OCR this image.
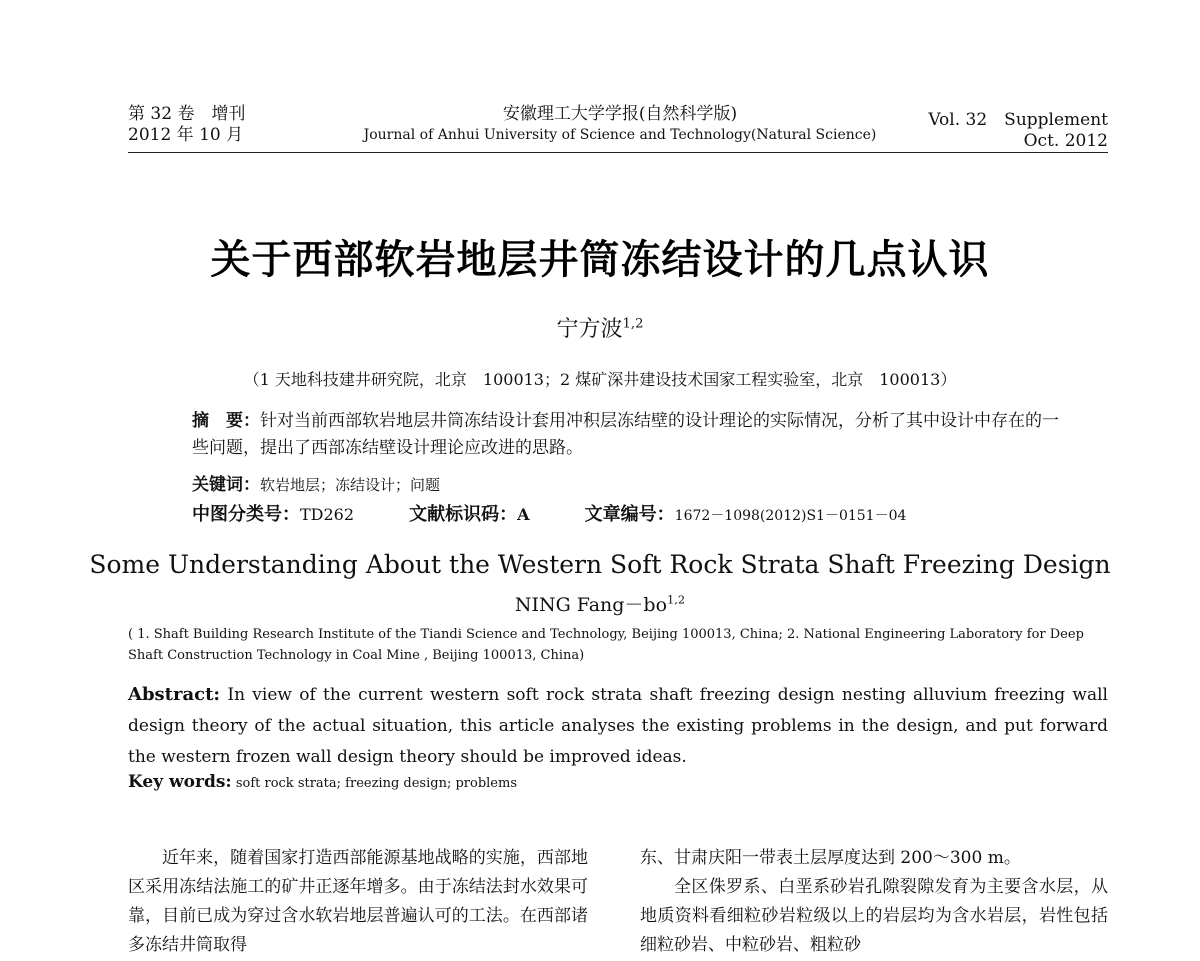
第 32 卷　增刊
2012 年 10 月
安徽理工大学学报(自然科学版)
Journal of Anhui University of Science and Technology(Natural Science)
Vol. 32　Supplement
Oct. 2012
关于西部软岩地层井筒冻结设计的几点认识
宁方波$^{1,2}$
（1 天地科技建井研究院，北京　100013；2 煤矿深井建设技术国家工程实验室，北京　100013）
摘　要：针对当前西部软岩地层井筒冻结设计套用冲积层冻结壁的设计理论的实际情况，分析了其中设计中存在的一些问题，提出了西部冻结壁设计理论应改进的思路。
关键词：软岩地层；冻结设计；问题
中图分类号：TD262	文献标识码：A	文章编号：1672－1098(2012)S1－0151－04
Some Understanding About the Western Soft Rock Strata Shaft Freezing Design
NING Fang－bo$^{1,2}$
( 1. Shaft Building Research Institute of the Tiandi Science and Technology, Beijing 100013, China; 2. National Engineering Laboratory for Deep Shaft Construction Technology in Coal Mine , Beijing 100013, China)
Abstract: In view of the current western soft rock strata shaft freezing design nesting alluvium freezing wall design theory of the actual situation, this article analyses the existing problems in the design, and put forward the western frozen wall design theory should be improved ideas.
Key words: soft rock strata; freezing design; problems

近年来，随着国家打造西部能源基地战略的实施，西部地区采用冻结法施工的矿井正逐年增多。由于冻结法封水效果可靠，目前已成为穿过含水软岩地层普遍认可的工法。在西部诸多冻结井筒取得

东、甘肃庆阳一带表土层厚度达到 200～300 m。

全区侏罗系、白垩系砂岩孔隙裂隙发育为主要含水层，从地质资料看细粒砂岩粒级以上的岩层均为含水岩层，岩性包括细粒砂岩、中粒砂岩、粗粒砂
